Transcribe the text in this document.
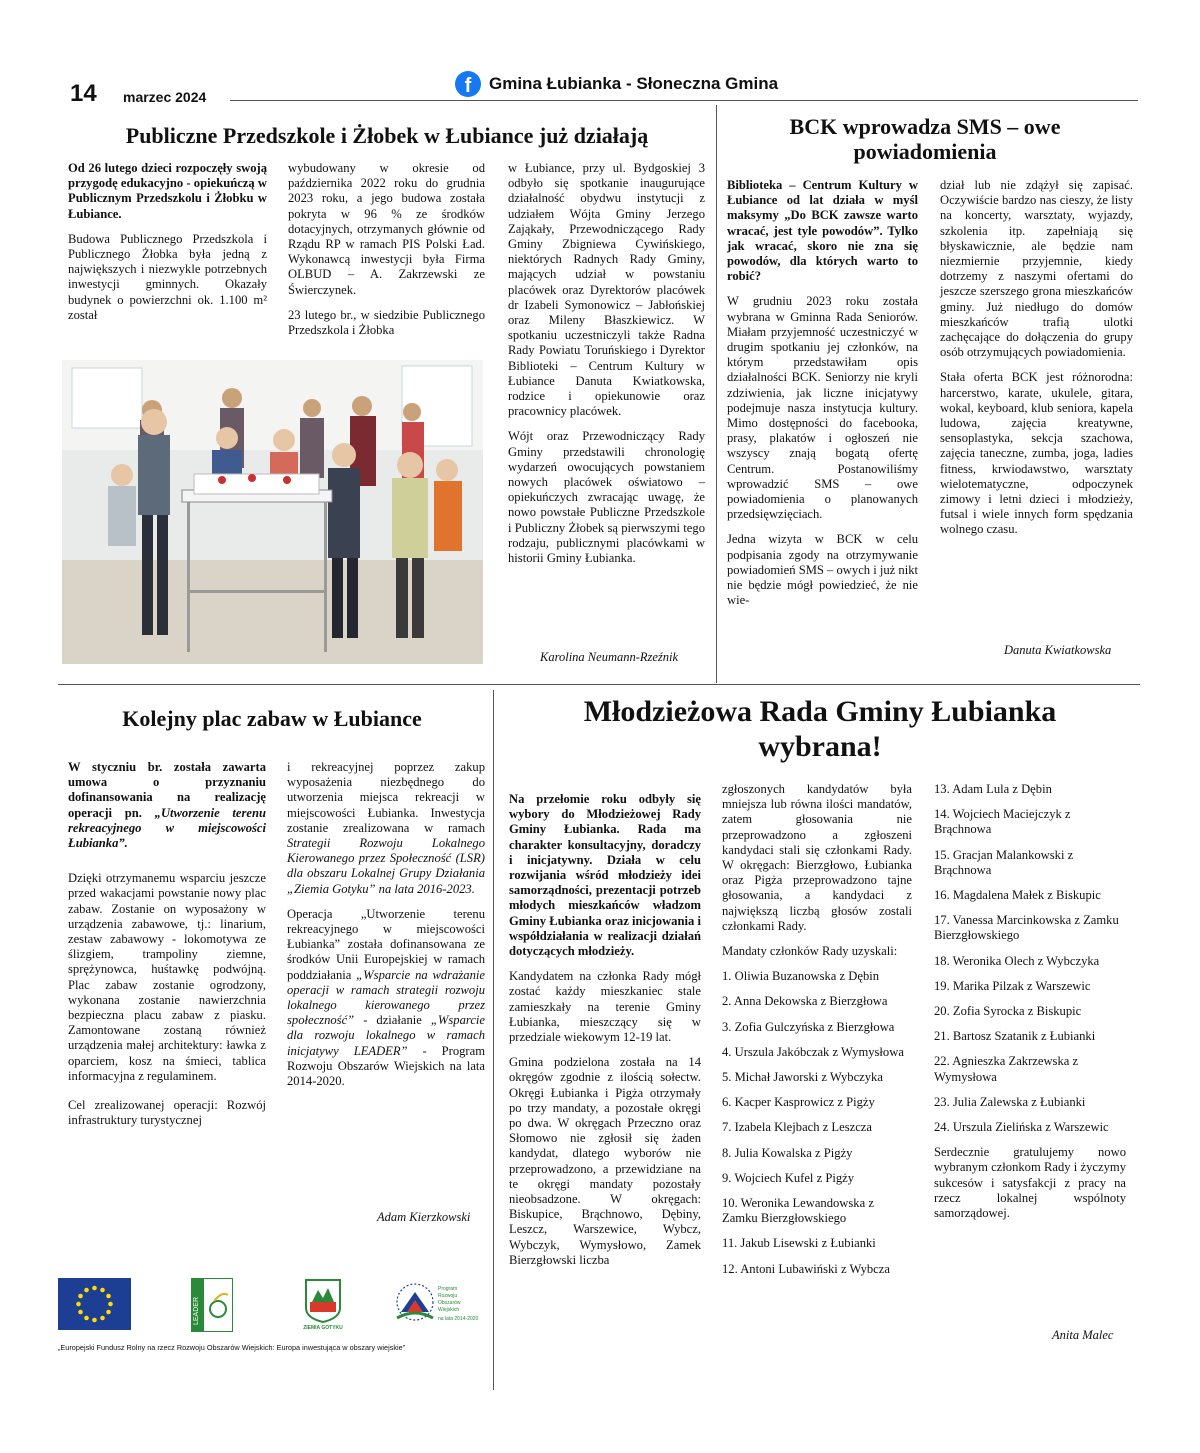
14 marzec 2024	f	Gmina Łubianka - Słoneczna Gmina
Publiczne Przedszkole i Żłobek w Łubiance już działają

Od 26 lutego dzieci rozpoczęły swoją przygodę edukacyjno - opiekuńczą w Publicznym Przedszkolu i Żłobku w Łubiance.

Budowa Publicznego Przedszkola i Publicznego Żłobka była jedną z największych i niezwykle potrzebnych inwestycji gminnych. Okazały budynek o powierzchni ok. 1.100 m² został

wybudowany w okresie od października 2022 roku do grudnia 2023 roku, a jego budowa została pokryta w 96 % ze środków dotacyjnych, otrzymanych głównie od Rządu RP w ramach PIS Polski Ład. Wykonawcą inwestycji była Firma OLBUD – A. Zakrzewski ze Świerczynek.

23 lutego br., w siedzibie Publicznego Przedszkola i Żłobka

w Łubiance, przy ul. Bydgoskiej 3 odbyło się spotkanie inaugurujące działalność obydwu instytucji z udziałem Wójta Gminy Jerzego Zająkały, Przewodniczącego Rady Gminy Zbigniewa Cywińskiego, niektórych Radnych Rady Gminy, mających udział w powstaniu placówek oraz Dyrektorów placówek dr Izabeli Symonowicz – Jabłońskiej oraz Mileny Błaszkiewicz. W spotkaniu uczestniczyli także Radna Rady Powiatu Toruńskiego i Dyrektor Biblioteki – Centrum Kultury w Łubiance Danuta Kwiatkowska, rodzice i opiekunowie oraz pracownicy placówek.

Wójt oraz Przewodniczący Rady Gminy przedstawili chronologię wydarzeń owocujących powstaniem nowych placówek oświatowo – opiekuńczych zwracając uwagę, że nowo powstałe Publiczne Przedszkole i Publiczny Żłobek są pierwszymi tego rodzaju, publicznymi placówkami w historii Gminy Łubianka.

Karolina Neumann-Rzeźnik
BCK wprowadza SMS – owe powiadomienia

Biblioteka – Centrum Kultury w Łubiance od lat działa w myśl maksymy „Do BCK zawsze warto wracać, jest tyle powodów”. Tylko jak wracać, skoro nie zna się powodów, dla których warto to robić?

W grudniu 2023 roku została wybrana w Gminna Rada Seniorów. Miałam przyjemność uczestniczyć w drugim spotkaniu jej członków, na którym przedstawiłam opis działalności BCK. Seniorzy nie kryli zdziwienia, jak liczne inicjatywy podejmuje nasza instytucja kultury. Mimo dostępności do facebooka, prasy, plakatów i ogłoszeń nie wszyscy znają bogatą ofertę Centrum. Postanowiliśmy wprowadzić SMS – owe powiadomienia o planowanych przedsięwzięciach.

Jedna wizyta w BCK w celu podpisania zgody na otrzymywanie powiadomień SMS – owych i już nikt nie będzie mógł powiedzieć, że nie wie-

dział lub nie zdążył się zapisać. Oczywiście bardzo nas cieszy, że listy na koncerty, warsztaty, wyjazdy, szkolenia itp. zapełniają się błyskawicznie, ale będzie nam niezmiernie przyjemnie, kiedy dotrzemy z naszymi ofertami do jeszcze szerszego grona mieszkańców gminy. Już niedługo do domów mieszkańców trafią ulotki zachęcające do dołączenia do grupy osób otrzymujących powiadomienia.

Stała oferta BCK jest różnorodna: harcerstwo, karate, ukulele, gitara, wokal, keyboard, klub seniora, kapela ludowa, zajęcia kreatywne, sensoplastyka, sekcja szachowa, zajęcia taneczne, zumba, joga, ladies fitness, krwiodawstwo, warsztaty wielotematyczne, odpoczynek zimowy i letni dzieci i młodzieży, futsal i wiele innych form spędzania wolnego czasu.

Danuta Kwiatkowska
Kolejny plac zabaw w Łubiance

W styczniu br. została zawarta umowa o przyznaniu dofinansowania na realizację operacji pn. „Utworzenie terenu rekreacyjnego w miejscowości Łubianka”.

Dzięki otrzymanemu wsparciu jeszcze przed wakacjami powstanie nowy plac zabaw. Zostanie on wyposażony w urządzenia zabawowe, tj.: linarium, zestaw zabawowy - lokomotywa ze ślizgiem, trampoliny ziemne, sprężynowca, huśtawkę podwójną. Plac zabaw zostanie ogrodzony, wykonana zostanie nawierzchnia bezpieczna placu zabaw z piasku. Zamontowane zostaną również urządzenia małej architektury: ławka z oparciem, kosz na śmieci, tablica informacyjna z regulaminem.

Cel zrealizowanej operacji: Rozwój infrastruktury turystycznej

i rekreacyjnej poprzez zakup wyposażenia niezbędnego do utworzenia miejsca rekreacji w miejscowości Łubianka. Inwestycja zostanie zrealizowana w ramach Strategii Rozwoju Lokalnego Kierowanego przez Społeczność (LSR) dla obszaru Lokalnej Grupy Działania „Ziemia Gotyku” na lata 2016-2023.

Operacja „Utworzenie terenu rekreacyjnego w miejscowości Łubianka” została dofinansowana ze środków Unii Europejskiej w ramach poddziałania „Wsparcie na wdrażanie operacji w ramach strategii rozwoju lokalnego kierowanego przez społeczność” - działanie „Wsparcie dla rozwoju lokalnego w ramach inicjatywy LEADER” - Program Rozwoju Obszarów Wiejskich na lata 2014-2020.

Adam Kierzkowski
LEADER
ZIEMIA GOTYKU
Program
Rozwoju
Obszarów
Wiejskich
na lata 2014-2020
„Europejski Fundusz Rolny na rzecz Rozwoju Obszarów Wiejskich: Europa inwestująca w obszary wiejskie”
Młodzieżowa Rada Gminy Łubianka wybrana!

Na przełomie roku odbyły się wybory do Młodzieżowej Rady Gminy Łubianka. Rada ma charakter konsultacyjny, doradczy i inicjatywny. Działa w celu rozwijania wśród młodzieży idei samorządności, prezentacji potrzeb młodych mieszkańców władzom Gminy Łubianka oraz inicjowania i współdziałania w realizacji działań dotyczących młodzieży.

Kandydatem na członka Rady mógł zostać każdy mieszkaniec stale zamieszkały na terenie Gminy Łubianka, mieszczący się w przedziale wiekowym 12-19 lat.

Gmina podzielona została na 14 okręgów zgodnie z ilością sołectw. Okręgi Łubianka i Pigża otrzymały po trzy mandaty, a pozostałe okręgi po dwa. W okręgach Przeczno oraz Słomowo nie zgłosił się żaden kandydat, dlatego wyborów nie przeprowadzono, a przewidziane na te okręgi mandaty pozostały nieobsadzone. W okręgach: Biskupice, Brąchnowo, Dębiny, Leszcz, Warszewice, Wybcz, Wybczyk, Wymysłowo, Zamek Bierzgłowski liczba

zgłoszonych kandydatów była mniejsza lub równa ilości mandatów, zatem głosowania nie przeprowadzono a zgłoszeni kandydaci stali się członkami Rady. W okręgach: Bierzgłowo, Łubianka oraz Pigża przeprowadzono tajne głosowania, a kandydaci z największą liczbą głosów zostali członkami Rady.

Mandaty członków Rady uzyskali:

1. Oliwia Buzanowska z Dębin

2. Anna Dekowska z Bierzgłowa

3. Zofia Gulczyńska z Bierzgłowa

4. Urszula Jakóbczak z Wymysłowa

5. Michał Jaworski z Wybczyka

6. Kacper Kasprowicz z Pigży

7. Izabela Klejbach z Leszcza

8. Julia Kowalska z Pigży

9. Wojciech Kufel z Pigży

10. Weronika Lewandowska z Zamku Bierzgłowskiego

11. Jakub Lisewski z Łubianki

12. Antoni Lubawiński z Wybcza

13. Adam Lula z Dębin

14. Wojciech Maciejczyk z Brąchnowa

15. Gracjan Malankowski z Brąchnowa

16. Magdalena Małek z Biskupic

17. Vanessa Marcinkowska z Zamku Bierzgłowskiego

18. Weronika Olech z Wybczyka

19. Marika Pilzak z Warszewic

20. Zofia Syrocka z Biskupic

21. Bartosz Szatanik z Łubianki

22. Agnieszka Zakrzewska z Wymysłowa

23. Julia Zalewska z Łubianki

24. Urszula Zielińska z Warszewic

Serdecznie gratulujemy nowo wybranym członkom Rady i życzymy sukcesów i satysfakcji z pracy na rzecz lokalnej wspólnoty samorządowej.

Anita Malec
